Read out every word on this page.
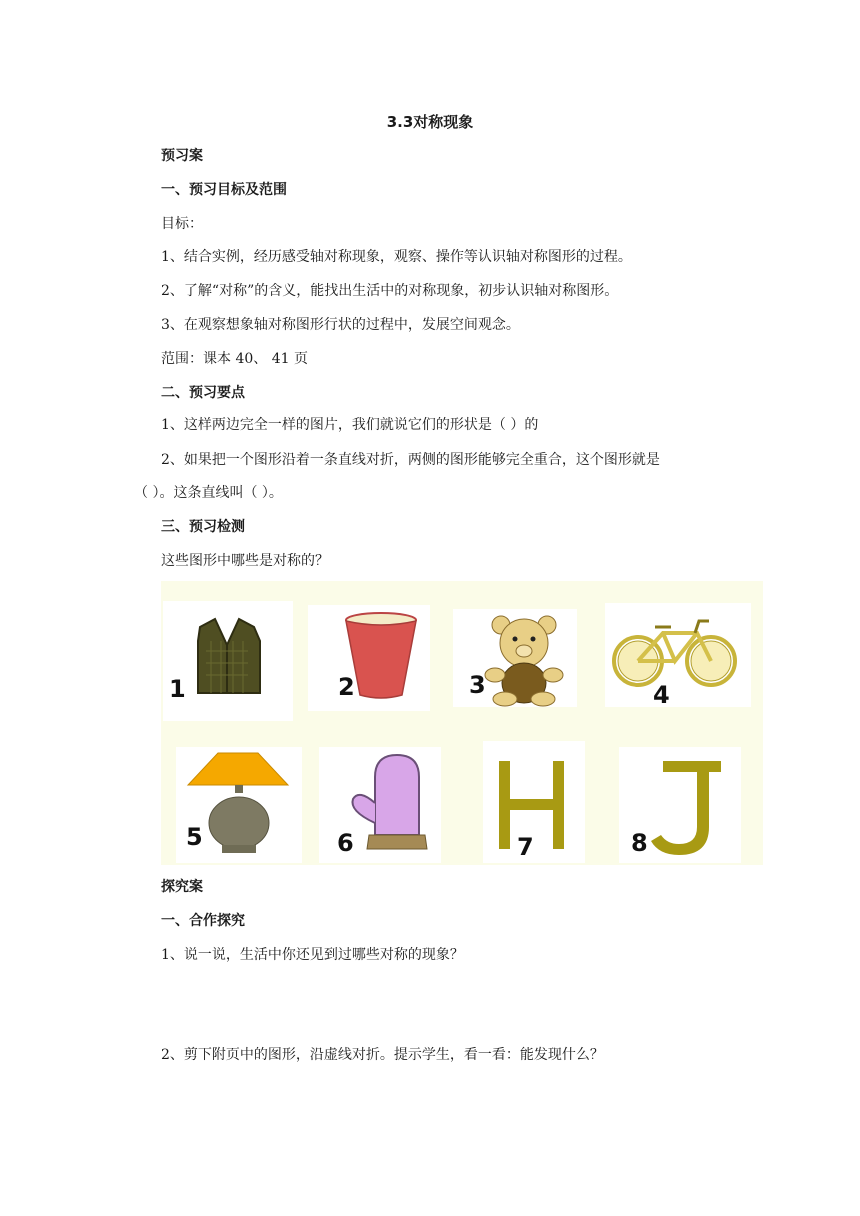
3.3对称现象
预习案
一、预习目标及范围
目标：
1、结合实例，经历感受轴对称现象，观察、操作等认识轴对称图形的过程。
2、了解“对称”的含义，能找出生活中的对称现象，初步认识轴对称图形。
3、在观察想象轴对称图形行状的过程中，发展空间观念。
范围：课本 40、 41 页
二、预习要点
1、这样两边完全一样的图片，我们就说它们的形状是（ ）的
2、如果把一个图形沿着一条直线对折，两侧的图形能够完全重合，这个图形就是
（ ）。这条直线叫（ ）。
三、预习检测
这些图形中哪些是对称的？
1	2	3	4
5	6	7	8
探究案
一、合作探究
1、说一说，生活中你还见到过哪些对称的现象？
2、剪下附页中的图形，沿虚线对折。提示学生，看一看：能发现什么？
